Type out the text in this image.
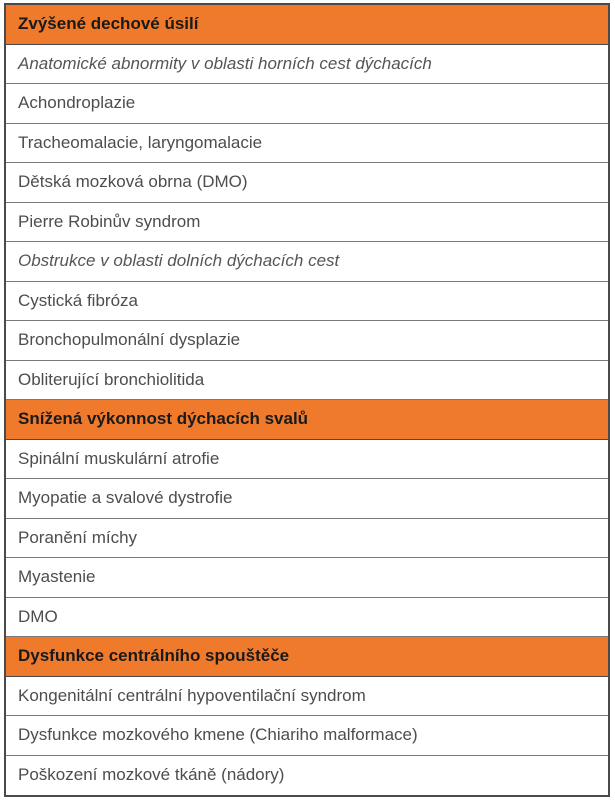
Zvýšené dechové úsilí
Anatomické abnormity v oblasti horních cest dýchacích
Achondroplazie
Tracheomalacie, laryngomalacie
Dětská mozková obrna (DMO)
Pierre Robinův syndrom
Obstrukce v oblasti dolních dýchacích cest
Cystická fibróza
Bronchopulmonální dysplazie
Obliterující bronchiolitida
Snížená výkonnost dýchacích svalů
Spinální muskulární atrofie
Myopatie a svalové dystrofie
Poranění míchy
Myastenie
DMO
Dysfunkce centrálního spouštěče
Kongenitální centrální hypoventilační syndrom
Dysfunkce mozkového kmene (Chiariho malformace)
Poškození mozkové tkáně (nádory)
